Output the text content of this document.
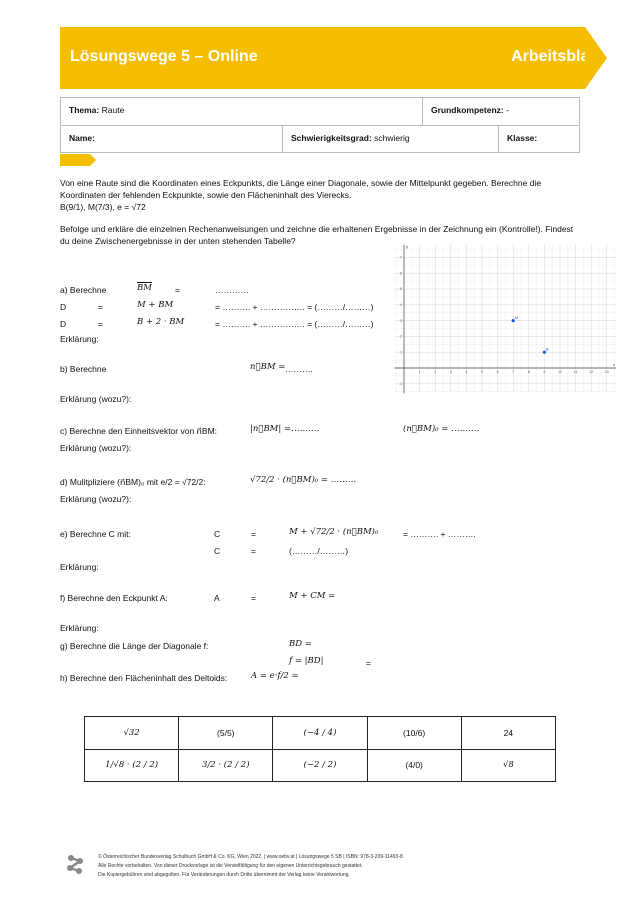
Lösungswege 5 – Online	Arbeitsblatt
Thema: Raute	Grundkompetenz: -
Name:	Schwierigkeitsgrad: schwierig	Klasse:
Von eine Raute sind die Koordinaten eines Eckpunkts, die Länge einer Diagonale, sowie der Mittelpunkt gegeben. Berechne die Koordinaten der fehlenden Eckpunkte, sowie den Flächeninhalt des Vierecks.
B(9/1), M(7/3), e = √72
Befolge und erkläre die einzelnen Rechenanweisungen und zeichne die erhaltenen Ergebnisse in der Zeichnung ein (Kontrolle!). Findest du deine Zwischenergebnisse in der unten stehenden Tabelle?
x
y
1	2	3	4	5	6	7	8	9	10	11	12	13
7
6
5
4
3
2
1
-1
M
B
a) Berechne	$\overline{BM}$	=	…………
D	=	M + BM	= ………. + ……………. = (………/………)
D	=	B + 2 · BM	= ………. + ……………. = (………/………)
Erklärung:
b) Berechne	n⃗BM = ……….
Erklärung (wozu?):
c) Berechne den Einheitsvektor von n⃗BM:	|n⃗BM| =……….	(n⃗BM)₀ = ……….
Erklärung (wozu?):
d) Mulitpliziere (n⃗BM)₀ mit e/2 = √72/2:	√72/2 · (n⃗BM)₀ = ………
Erklärung (wozu?):
e) Berechne C mit:	C	=	M + √72/2 · (n⃗BM)₀	= ………. + ……….
C	=	(………/………)
Erklärung:
f) Berechne den Eckpunkt A:	A	=	M + CM =
Erklärung:
g) Berechne die Länge der Diagonale f:	BD =
f = |BD|	=
h) Berechne den Flächeninhalt des Deltoids:	A = e·f/2 =
√32	(5/5)	(−4 / 4)	(10/6)	24
1/√8 · (2 / 2)	3/2 · (2 / 2)	(−2 / 2)	(4/0)	√8
© Österreichischer Bundesverlag Schulbuch GmbH & Co. KG, Wien 2022. | www.oebv.at | Lösungswege 5 SB | ISBN: 978-3-209-11493-8
Alle Rechte vorbehalten. Von dieser Druckvorlage ist die Vervielfältigung für den eigenen Unterrichtsgebrauch gestattet.
Die Kopiergebühren sind abgegolten. Für Veränderungen durch Dritte übernimmt der Verlag keine Verantwortung.
